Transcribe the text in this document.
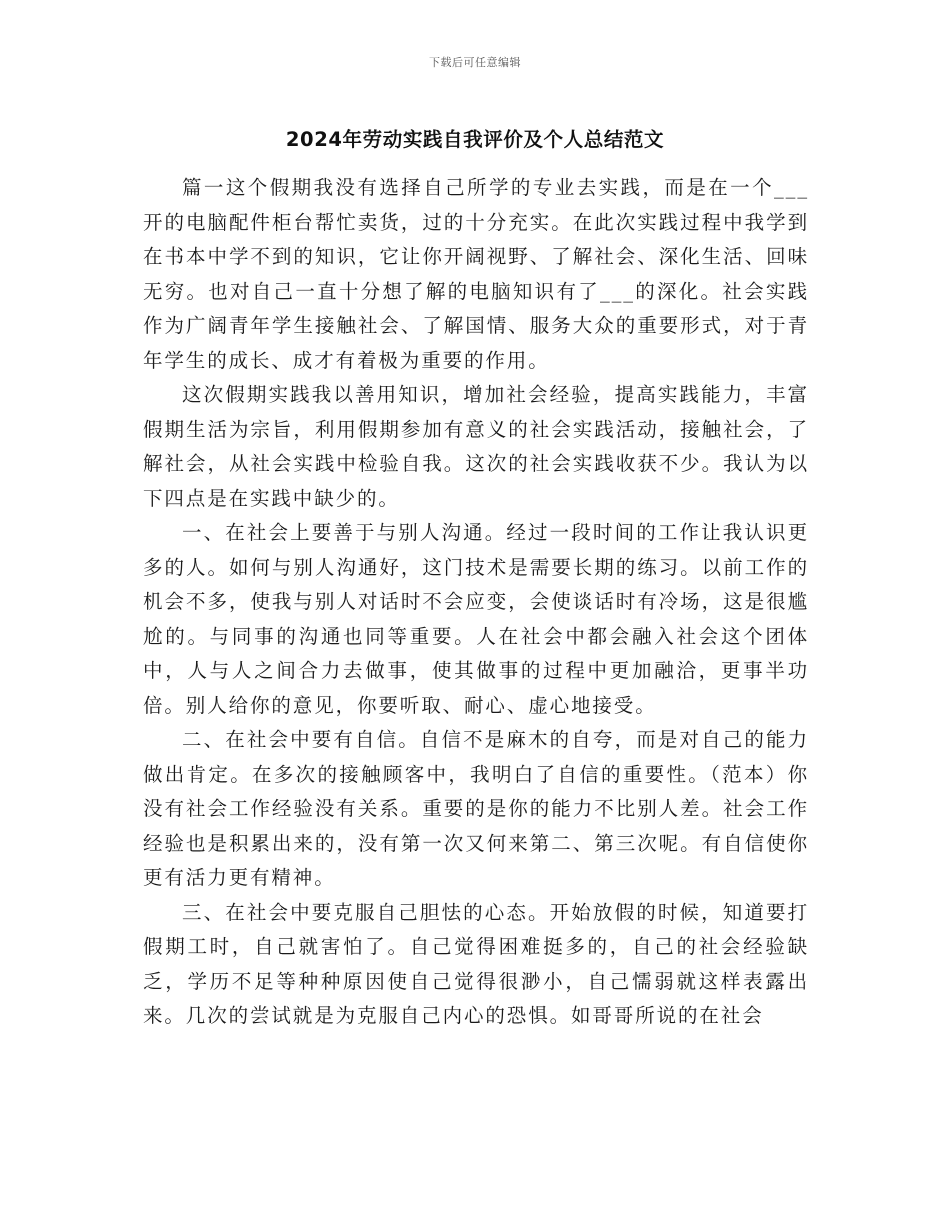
下载后可任意编辑
2024年劳动实践自我评价及个人总结范文

篇一这个假期我没有选择自己所学的专业去实践，而是在一个___开的电脑配件柜台帮忙卖货，过的十分充实。在此次实践过程中我学到在书本中学不到的知识，它让你开阔视野、了解社会、深化生活、回味无穷。也对自己一直十分想了解的电脑知识有了___的深化。社会实践作为广阔青年学生接触社会、了解国情、服务大众的重要形式，对于青年学生的成长、成才有着极为重要的作用。

这次假期实践我以善用知识，增加社会经验，提高实践能力，丰富假期生活为宗旨，利用假期参加有意义的社会实践活动，接触社会，了解社会，从社会实践中检验自我。这次的社会实践收获不少。我认为以下四点是在实践中缺少的。

一、在社会上要善于与别人沟通。经过一段时间的工作让我认识更多的人。如何与别人沟通好，这门技术是需要长期的练习。以前工作的机会不多，使我与别人对话时不会应变，会使谈话时有冷场，这是很尴尬的。与同事的沟通也同等重要。人在社会中都会融入社会这个团体中，人与人之间合力去做事，使其做事的过程中更加融洽，更事半功倍。别人给你的意见，你要听取、耐心、虚心地接受。

二、在社会中要有自信。自信不是麻木的自夸，而是对自己的能力做出肯定。在多次的接触顾客中，我明白了自信的重要性。（范本）你没有社会工作经验没有关系。重要的是你的能力不比别人差。社会工作经验也是积累出来的，没有第一次又何来第二、第三次呢。有自信使你更有活力更有精神。

三、在社会中要克服自己胆怯的心态。开始放假的时候，知道要打假期工时，自己就害怕了。自己觉得困难挺多的，自己的社会经验缺乏，学历不足等种种原因使自己觉得很渺小，自己懦弱就这样表露出来。几次的尝试就是为克服自己内心的恐惧。如哥哥所说的在社会
